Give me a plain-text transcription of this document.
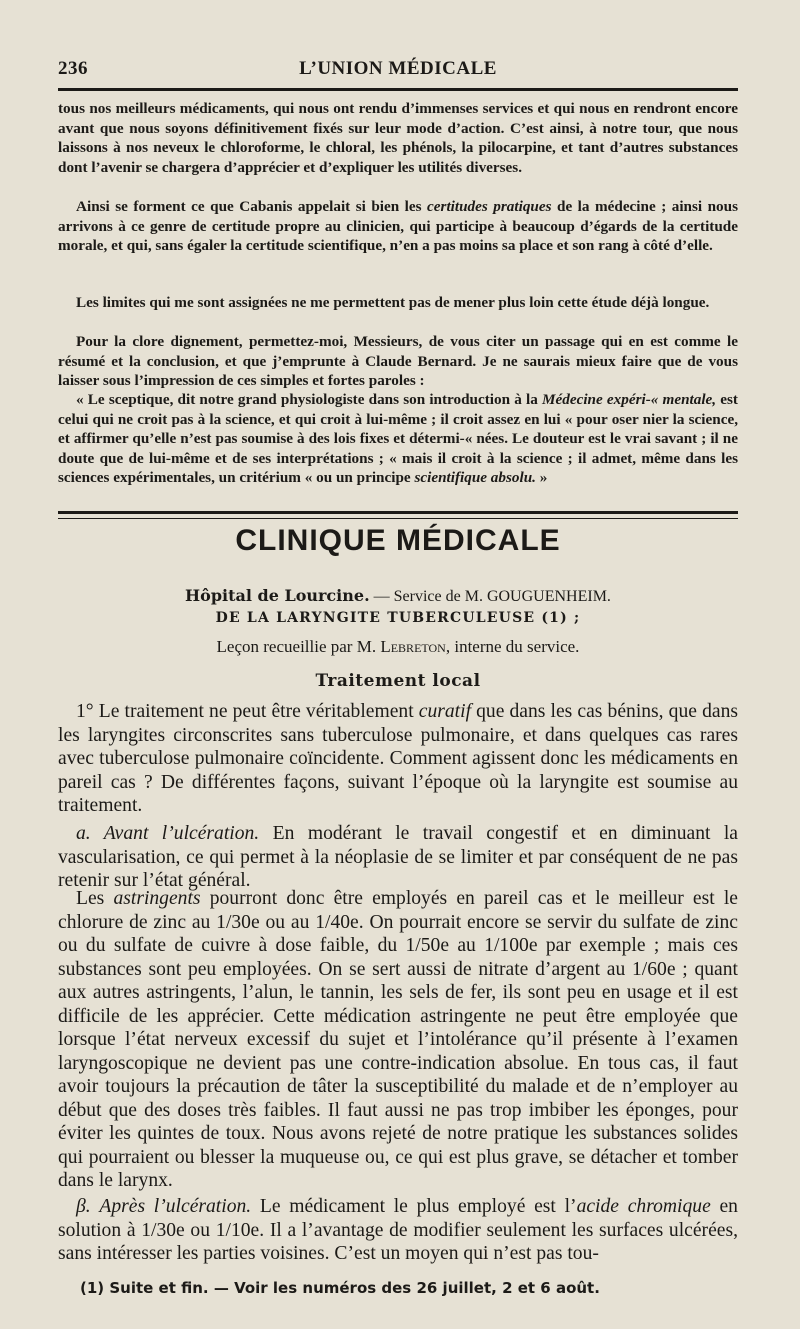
236	L’UNION MÉDICALE

tous nos meilleurs médicaments, qui nous ont rendu d’immenses services et qui nous en rendront encore avant que nous soyons définitivement fixés sur leur mode d’action. C’est ainsi, à notre tour, que nous laissons à nos neveux le chloroforme, le chloral, les phénols, la pilocarpine, et tant d’autres substances dont l’avenir se chargera d’apprécier et d’expliquer les utilités diverses.

Ainsi se forment ce que Cabanis appelait si bien les certitudes pratiques de la médecine ; ainsi nous arrivons à ce genre de certitude propre au clinicien, qui participe à beaucoup d’égards de la certitude morale, et qui, sans égaler la certitude scientifique, n’en a pas moins sa place et son rang à côté d’elle.

Les limites qui me sont assignées ne me permettent pas de mener plus loin cette étude déjà longue.

Pour la clore dignement, permettez-moi, Messieurs, de vous citer un passage qui en est comme le résumé et la conclusion, et que j’emprunte à Claude Bernard. Je ne saurais mieux faire que de vous laisser sous l’impression de ces simples et fortes paroles :

« Le sceptique, dit notre grand physiologiste dans son introduction à la Médecine expéri-« mentale, est celui qui ne croit pas à la science, et qui croit à lui-même ; il croit assez en lui « pour oser nier la science, et affirmer qu’elle n’est pas soumise à des lois fixes et détermi-« nées. Le douteur est le vrai savant ; il ne doute que de lui-même et de ses interprétations ; « mais il croit à la science ; il admet, même dans les sciences expérimentales, un critérium « ou un principe scientifique absolu. »

CLINIQUE MÉDICALE
Hôpital de Lourcine. — Service de M. GOUGUENHEIM.
DE LA LARYNGITE TUBERCULEUSE (1) ;
Leçon recueillie par M. Lebreton, interne du service.
Traitement local

1° Le traitement ne peut être véritablement curatif que dans les cas bénins, que dans les laryngites circonscrites sans tuberculose pulmonaire, et dans quelques cas rares avec tuberculose pulmonaire coïncidente. Comment agissent donc les médicaments en pareil cas ? De différentes façons, suivant l’époque où la laryngite est soumise au traitement.

a. Avant l’ulcération. En modérant le travail congestif et en diminuant la vascularisation, ce qui permet à la néoplasie de se limiter et par conséquent de ne pas retenir sur l’état général.

Les astringents pourront donc être employés en pareil cas et le meilleur est le chlorure de zinc au 1/30e ou au 1/40e. On pourrait encore se servir du sulfate de zinc ou du sulfate de cuivre à dose faible, du 1/50e au 1/100e par exemple ; mais ces substances sont peu employées. On se sert aussi de nitrate d’argent au 1/60e ; quant aux autres astringents, l’alun, le tannin, les sels de fer, ils sont peu en usage et il est difficile de les apprécier. Cette médication astringente ne peut être employée que lorsque l’état nerveux excessif du sujet et l’intolérance qu’il présente à l’examen laryngoscopique ne devient pas une contre-indication absolue. En tous cas, il faut avoir toujours la précaution de tâter la susceptibilité du malade et de n’employer au début que des doses très faibles. Il faut aussi ne pas trop imbiber les éponges, pour éviter les quintes de toux. Nous avons rejeté de notre pratique les substances solides qui pourraient ou blesser la muqueuse ou, ce qui est plus grave, se détacher et tomber dans le larynx.

β. Après l’ulcération. Le médicament le plus employé est l’acide chromique en solution à 1/30e ou 1/10e. Il a l’avantage de modifier seulement les surfaces ulcérées, sans intéresser les parties voisines. C’est un moyen qui n’est pas tou-

(1) Suite et fin. — Voir les numéros des 26 juillet, 2 et 6 août.
